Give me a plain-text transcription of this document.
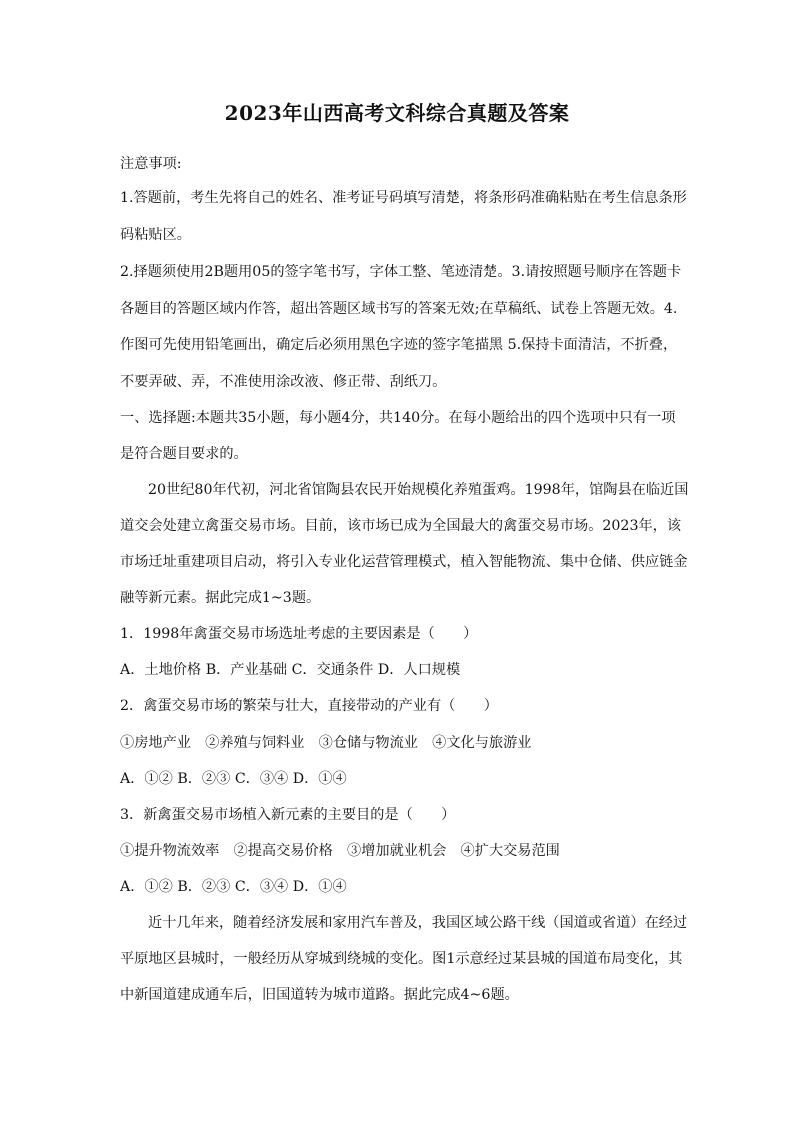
2023年山西高考文科综合真题及答案
注意事项:
1.答题前，考生先将自己的姓名、准考证号码填写清楚，将条形码准确粘贴在考生信息条形
码粘贴区。
2.择题须使用2B题用05的签字笔书写，字体工整、笔迹清楚。3.请按照题号顺序在答题卡
各题目的答题区域内作答，超出答题区域书写的答案无效;在草稿纸、试卷上答题无效。4.
作图可先使用铅笔画出，确定后必须用黑色字迹的签字笔描黑 5.保持卡面清洁，不折叠，
不要弄破、弄，不准使用涂改液、修正带、刮纸刀。
一、选择题:本题共35小题，每小题4分，共140分。在每小题给出的四个选项中只有一项
是符合题目要求的。
20世纪80年代初，河北省馆陶县农民开始规模化养殖蛋鸡。1998年，馆陶县在临近国
道交会处建立禽蛋交易市场。目前，该市场已成为全国最大的禽蛋交易市场。2023年，该
市场迁址重建项目启动，将引入专业化运营管理模式，植入智能物流、集中仓储、供应链金
融等新元素。据此完成1~3题。
1．1998年禽蛋交易市场选址考虑的主要因素是（　　）
A．土地价格 B．产业基础 C．交通条件 D．人口规模
2．禽蛋交易市场的繁荣与壮大，直接带动的产业有（　　）
①房地产业　②养殖与饲料业　③仓储与物流业　④文化与旅游业
A．①② B．②③ C．③④ D．①④
3．新禽蛋交易市场植入新元素的主要目的是（　　）
①提升物流效率　②提高交易价格　③增加就业机会　④扩大交易范围
A．①② B．②③ C．③④ D．①④
近十几年来，随着经济发展和家用汽车普及，我国区域公路干线（国道或省道）在经过
平原地区县城时，一般经历从穿城到绕城的变化。图1示意经过某县城的国道布局变化，其
中新国道建成通车后，旧国道转为城市道路。据此完成4~6题。
